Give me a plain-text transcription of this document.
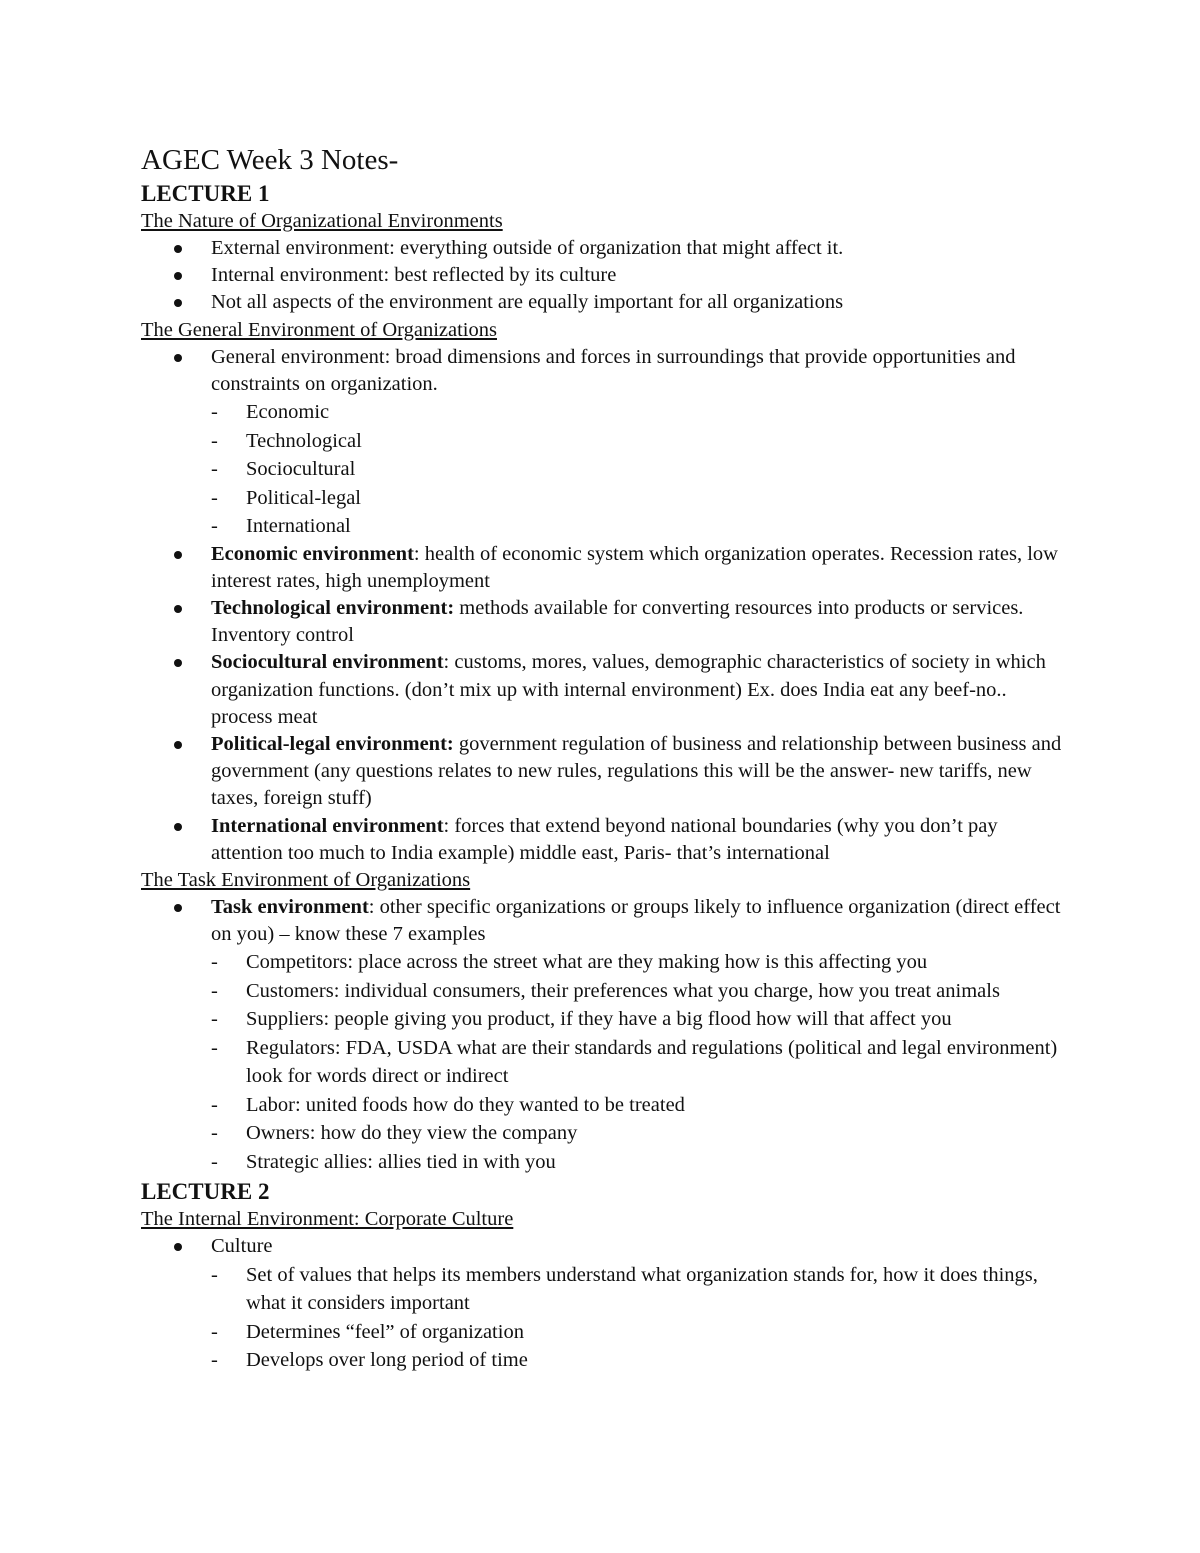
AGEC Week 3 Notes-
LECTURE 1
The Nature of Organizational Environments
External environment: everything outside of organization that might affect it.
Internal environment: best reflected by its culture
Not all aspects of the environment are equally important for all organizations
The General Environment of Organizations
General environment: broad dimensions and forces in surroundings that provide opportunities and constraints on organization.
- Economic
- Technological
- Sociocultural
- Political-legal
- International
Economic environment: health of economic system which organization operates. Recession rates, low interest rates, high unemployment
Technological environment: methods available for converting resources into products or services. Inventory control
Sociocultural environment: customs, mores, values, demographic characteristics of society in which organization functions. (don’t mix up with internal environment) Ex. does India eat any beef-no.. process meat
Political-legal environment: government regulation of business and relationship between business and government (any questions relates to new rules, regulations this will be the answer- new tariffs, new taxes, foreign stuff)
International environment: forces that extend beyond national boundaries (why you don’t pay attention too much to India example) middle east, Paris- that’s international
The Task Environment of Organizations
Task environment: other specific organizations or groups likely to influence organization (direct effect on you) – know these 7 examples
- Competitors: place across the street what are they making how is this affecting you
- Customers: individual consumers, their preferences what you charge, how you treat animals
- Suppliers: people giving you product, if they have a big flood how will that affect you
- Regulators: FDA, USDA what are their standards and regulations (political and legal environment) look for words direct or indirect
- Labor: united foods how do they wanted to be treated
- Owners: how do they view the company
- Strategic allies: allies tied in with you
LECTURE 2
The Internal Environment: Corporate Culture
Culture
- Set of values that helps its members understand what organization stands for, how it does things, what it considers important
- Determines “feel” of organization
- Develops over long period of time
